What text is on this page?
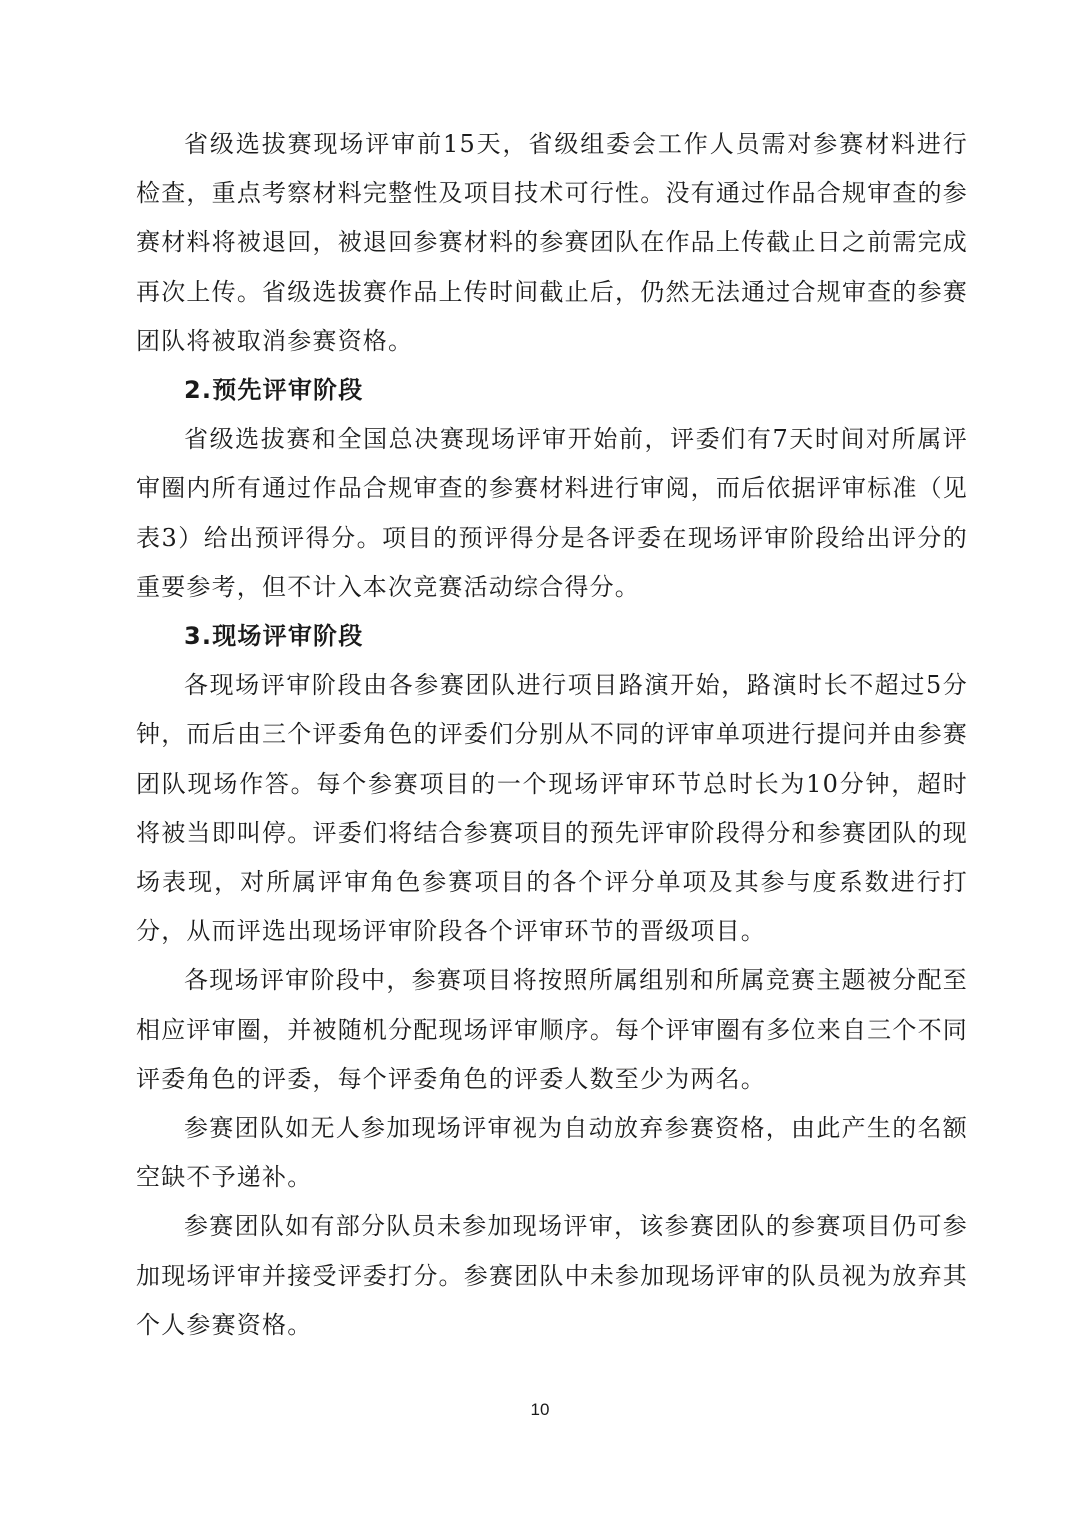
省级选拔赛现场评审前15天，省级组委会工作人员需对参赛材料进行检查，重点考察材料完整性及项目技术可行性。没有通过作品合规审查的参赛材料将被退回，被退回参赛材料的参赛团队在作品上传截止日之前需完成再次上传。省级选拔赛作品上传时间截止后，仍然无法通过合规审查的参赛团队将被取消参赛资格。

2.预先评审阶段

省级选拔赛和全国总决赛现场评审开始前，评委们有7天时间对所属评审圈内所有通过作品合规审查的参赛材料进行审阅，而后依据评审标准（见表3）给出预评得分。项目的预评得分是各评委在现场评审阶段给出评分的重要参考，但不计入本次竞赛活动综合得分。

3.现场评审阶段

各现场评审阶段由各参赛团队进行项目路演开始，路演时长不超过5分钟，而后由三个评委角色的评委们分别从不同的评审单项进行提问并由参赛团队现场作答。每个参赛项目的一个现场评审环节总时长为10分钟，超时将被当即叫停。评委们将结合参赛项目的预先评审阶段得分和参赛团队的现场表现，对所属评审角色参赛项目的各个评分单项及其参与度系数进行打分，从而评选出现场评审阶段各个评审环节的晋级项目。

各现场评审阶段中，参赛项目将按照所属组别和所属竞赛主题被分配至相应评审圈，并被随机分配现场评审顺序。每个评审圈有多位来自三个不同评委角色的评委，每个评委角色的评委人数至少为两名。

参赛团队如无人参加现场评审视为自动放弃参赛资格，由此产生的名额空缺不予递补。

参赛团队如有部分队员未参加现场评审，该参赛团队的参赛项目仍可参加现场评审并接受评委打分。参赛团队中未参加现场评审的队员视为放弃其个人参赛资格。

10
